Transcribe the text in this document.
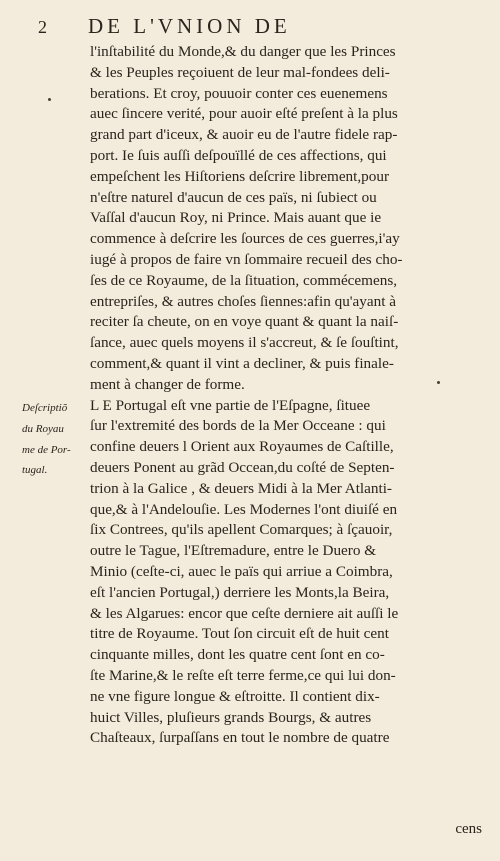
2 DE L'VNION DE
l'inſtabilité du Monde,& du danger que les Princes
& les Peuples reçoiuent de leur mal-fondees deli-
berations. Et croy, pouuoir conter ces euenemens
auec ſincere verité, pour auoir eſté preſent à la plus
grand part d'iceux, & auoir eu de l'autre fidele rap-
port. Ie ſuis auſſi deſpouïllé de ces affections, qui
empeſchent les Hiſtoriens deſcrire librement,pour
n'eſtre naturel d'aucun de ces païs, ni ſubiect ou
Vaſſal d'aucun Roy, ni Prince. Mais auant que ie
commence à deſcrire les ſources de ces guerres,i'ay
iugé à propos de faire vn ſommaire recueil des cho-
ſes de ce Royaume, de la ſituation, commécemens,
entrepriſes, & autres choſes ſiennes:afin qu'ayant à
reciter ſa cheute, on en voye quant & quant la naiſ-
ſance, auec quels moyens il s'accreut, & ſe ſouſtint,
comment,& quant il vint a decliner, & puis finale-
ment à changer de forme.
L E Portugal eſt vne partie de l'Eſpagne, ſituee
ſur l'extremité des bords de la Mer Occeane : qui
confine deuers l Orient aux Royaumes de Caſtille,
deuers Ponent au grãd Occean,du coſté de Septen-
trion à la Galice , & deuers Midi à la Mer Atlanti-
que,& à l'Andelouſie. Les Modernes l'ont diuiſé en
ſix Contrees, qu'ils apellent Comarques; à ſçauoir,
outre le Tague, l'Eſtremadure, entre le Duero &
Minio (ceſte-ci, auec le païs qui arriue a Coimbra,
eſt l'ancien Portugal,) derriere les Monts,la Beira,
& les Algarues: encor que ceſte derniere ait auſſi le
titre de Royaume. Tout ſon circuit eſt de huit cent
cinquante milles, dont les quatre cent ſont en co-
ſte Marine,& le reſte eſt terre ferme,ce qui lui don-
ne vne figure longue & eſtroitte. Il contient dix-
huict Villes, pluſieurs grands Bourgs, & autres
Chaſteaux, ſurpaſſans en tout le nombre de quatre
Deſcriptiõ
du Royau
me de Por-
tugal.
cens
